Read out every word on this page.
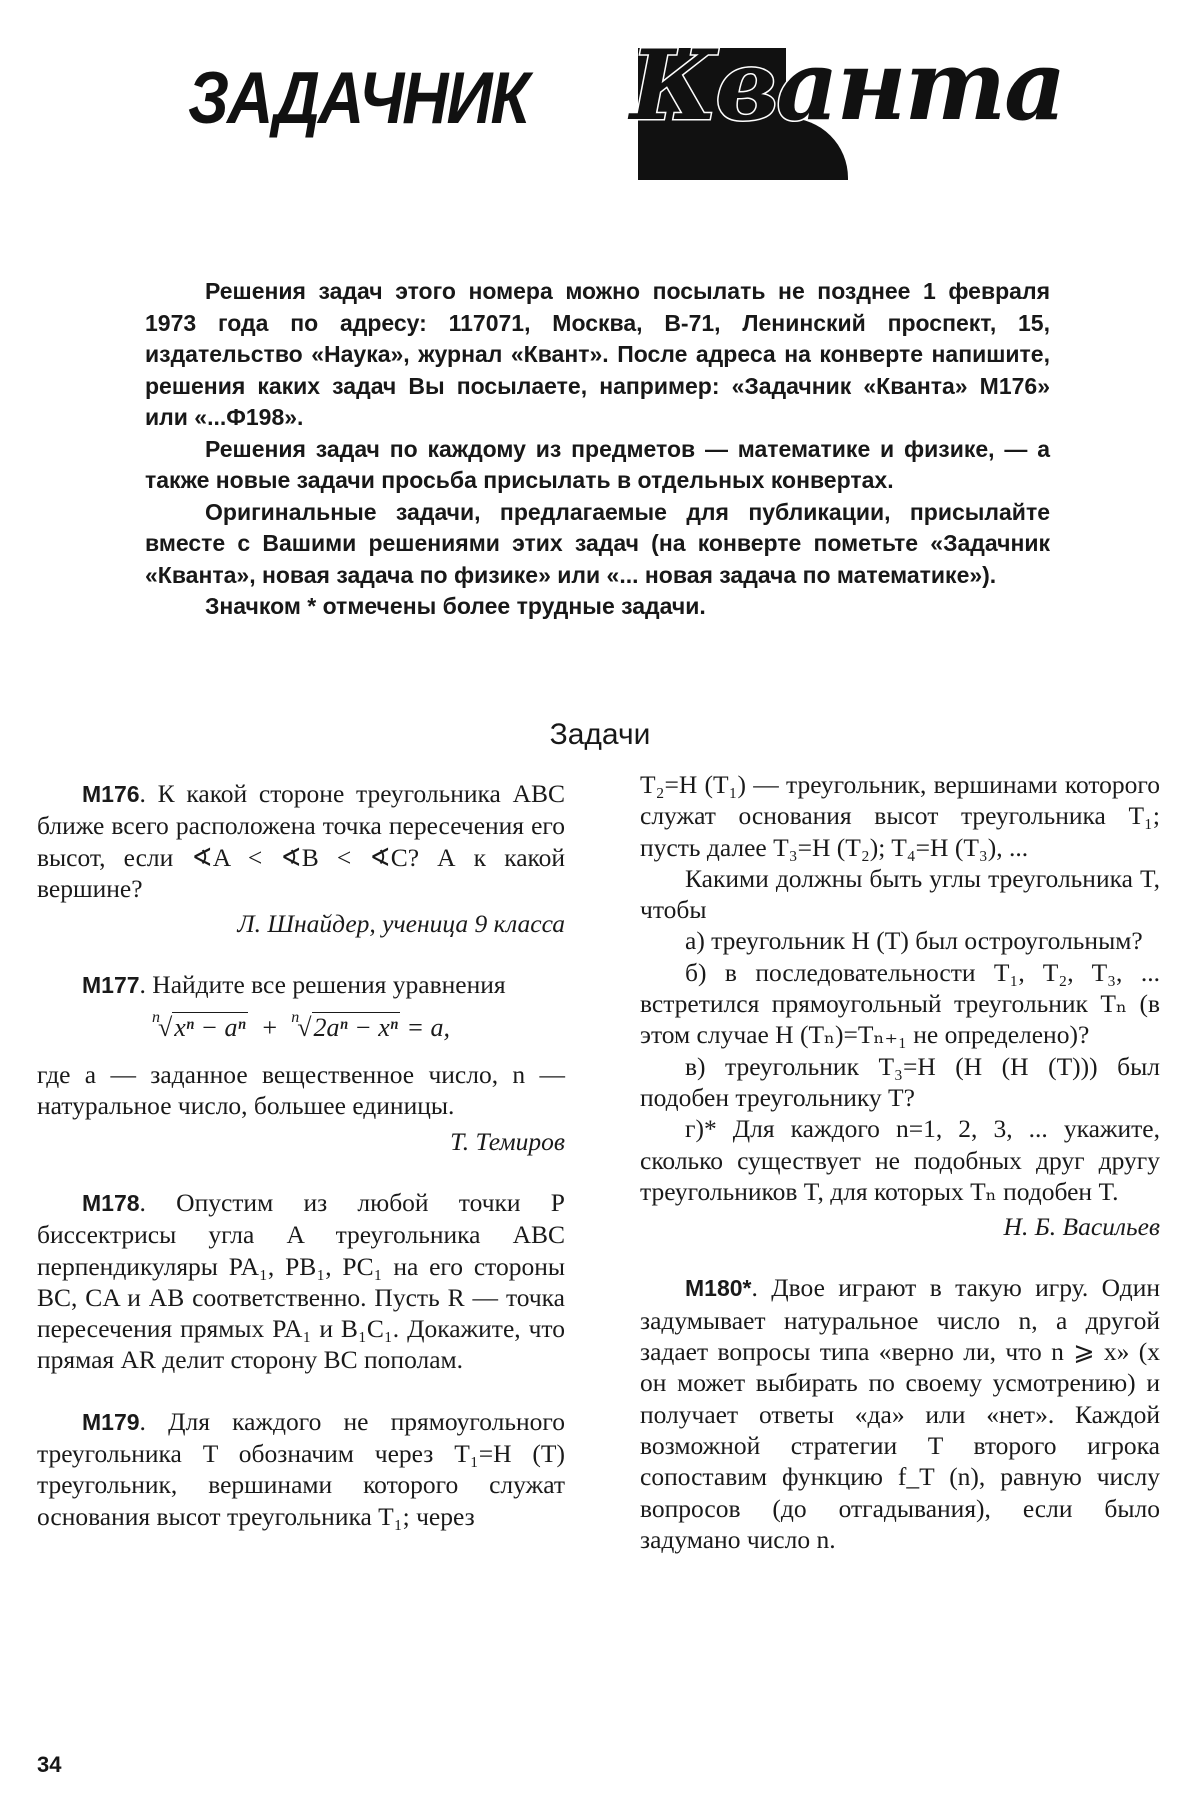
ЗАДАЧНИК Кванта

Решения задач этого номера можно посылать не позднее 1 февраля 1973 года по адресу: 117071, Москва, В-71, Ленинский проспект, 15, издательство «Наука», журнал «Квант». После адреса на конверте напишите, решения каких задач Вы посылаете, например: «Задачник «Кванта» М176» или «...Ф198».

Решения задач по каждому из предметов — математике и физике, — а также новые задачи просьба присылать в отдельных конвертах.

Оригинальные задачи, предлагаемые для публикации, присылайте вместе с Вашими решениями этих задач (на конверте пометьте «Задачник «Кванта», новая задача по физике» или «... новая задача по математике»).

Значком * отмечены более трудные задачи.

Задачи

М176. К какой стороне треугольника ABC ближе всего расположена точка пересечения его высот, если ∢A < ∢B < ∢C? А к какой вершине?

Л. Шнайдер, ученица 9 класса

М177. Найдите все решения уравнения

$^n$√xⁿ − aⁿ  +  $^n$√2aⁿ − xⁿ = a,

где a — заданное вещественное число, n — натуральное число, большее единицы.

Т. Темиров

М178. Опустим из любой точки P биссектрисы угла A треугольника ABC перпендикуляры PA₁, PB₁, PC₁ на его стороны BC, CA и AB соответственно. Пусть R — точка пересечения прямых PA₁ и B₁C₁. Докажите, что прямая AR делит сторону BC пополам.

М179. Для каждого не прямоугольного треугольника T обозначим через T₁=H (T) треугольник, вершинами которого служат основания высот треугольника T₁; через

T₂=H (T₁) — треугольник, вершинами которого служат основания высот треугольника T₁; пусть далее T₃=H (T₂); T₄=H (T₃), ...

Какими должны быть углы треугольника T, чтобы

а) треугольник H (T) был остроугольным?

б) в последовательности T₁, T₂, T₃, ... встретился прямоугольный треугольник Tₙ (в этом случае H (Tₙ)=Tₙ₊₁ не определено)?

в) треугольник T₃=H (H (H (T))) был подобен треугольнику T?

г)* Для каждого n=1, 2, 3, ... укажите, сколько существует не подобных друг другу треугольников T, для которых Tₙ подобен T.

Н. Б. Васильев

М180*. Двое играют в такую игру. Один задумывает натуральное число n, а другой задает вопросы типа «верно ли, что n ⩾ x» (x он может выбирать по своему усмотрению) и получает ответы «да» или «нет». Каждой возможной стратегии T второго игрока сопоставим функцию f_T (n), равную числу вопросов (до отгадывания), если было задумано число n.

34
